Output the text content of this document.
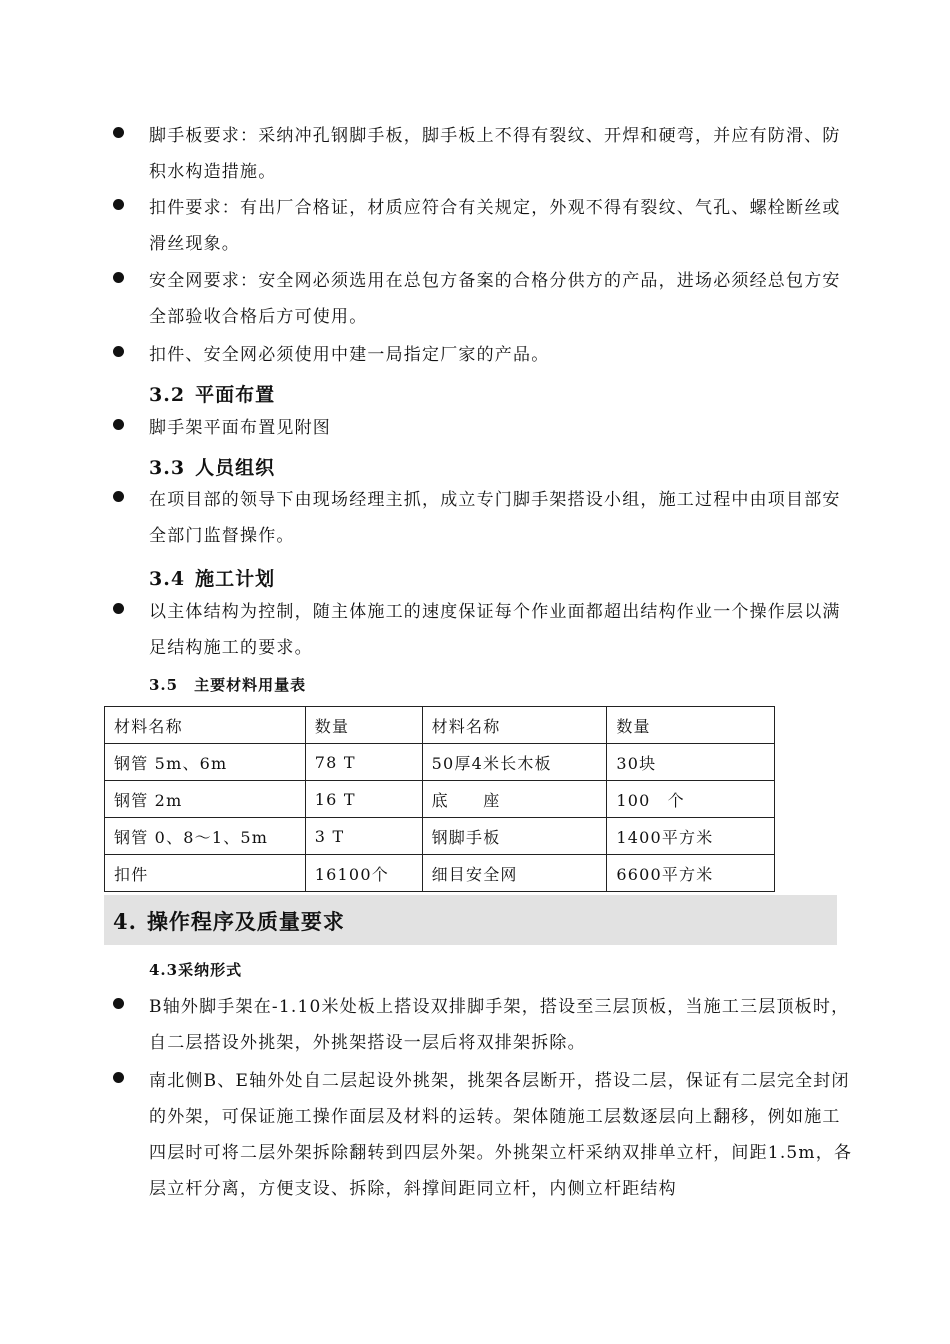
脚手板要求：采纳冲孔钢脚手板，脚手板上不得有裂纹、开焊和硬弯，并应有防滑、防积水构造措施。
扣件要求：有出厂合格证，材质应符合有关规定，外观不得有裂纹、气孔、螺栓断丝或滑丝现象。
安全网要求：安全网必须选用在总包方备案的合格分供方的产品，进场必须经总包方安全部验收合格后方可使用。
扣件、安全网必须使用中建一局指定厂家的产品。
3.2 平面布置
脚手架平面布置见附图
3.3 人员组织
在项目部的领导下由现场经理主抓，成立专门脚手架搭设小组，施工过程中由项目部安全部门监督操作。
3.4 施工计划
以主体结构为控制，随主体施工的速度保证每个作业面都超出结构作业一个操作层以满足结构施工的要求。
3.5 主要材料用量表
材料名称	数量	材料名称	数量
钢管 5m、6m	78 T	50厚4米长木板	30块
钢管 2m	16 T	底　　座	100　个
钢管 0、8～1、5m	3 T	钢脚手板	1400平方米
扣件	16100个	细目安全网	6600平方米
4. 操作程序及质量要求
4.3采纳形式
B轴外脚手架在-1.10米处板上搭设双排脚手架，搭设至三层顶板，当施工三层顶板时，自二层搭设外挑架，外挑架搭设一层后将双排架拆除。
南北侧B、E轴外处自二层起设外挑架，挑架各层断开，搭设二层，保证有二层完全封闭的外架，可保证施工操作面层及材料的运转。架体随施工层数逐层向上翻移，例如施工四层时可将二层外架拆除翻转到四层外架。外挑架立杆采纳双排单立杆，间距1.5m，各层立杆分离，方便支设、拆除，斜撑间距同立杆，内侧立杆距结构
